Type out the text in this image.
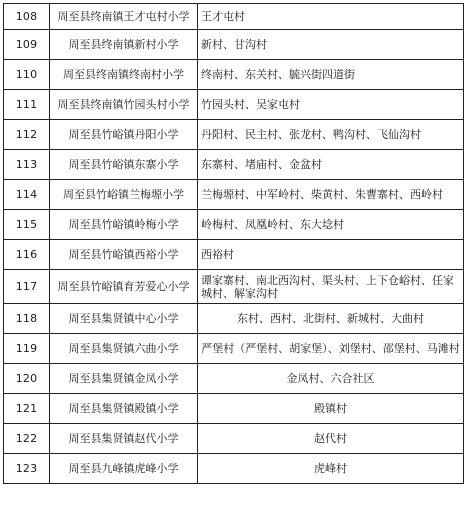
108	周至县终南镇王才屯村小学	王才屯村
109	周至县终南镇新村小学	新村、甘沟村
110	周至县终南镇终南村小学	终南村、东关村、毓兴街四道街
111	周至县终南镇竹园头村小学	竹园头村、吴家屯村
112	周至县竹峪镇丹阳小学	丹阳村、民主村、张龙村、鸭沟村、飞仙沟村
113	周至县竹峪镇东寨小学	东寨村、堵庙村、金盆村
114	周至县竹峪镇兰梅塬小学	兰梅塬村、中军岭村、柴黄村、朱曹寨村、西岭村
115	周至县竹峪镇岭梅小学	岭梅村、凤凰岭村、东大埝村
116	周至县竹峪镇西裕小学	西裕村
117	周至县竹峪镇育芳爱心小学	谭家寨村、南北西沟村、渠头村、上下仓峪村、任家城村、解家沟村
118	周至县集贤镇中心小学	东村、西村、北街村、新城村、大曲村
119	周至县集贤镇六曲小学	严堡村（严堡村、胡家堡）、刘堡村、邵堡村、马滩村
120	周至县集贤镇金凤小学	金凤村、六合社区
121	周至县集贤镇殿镇小学	殿镇村
122	周至县集贤镇赵代小学	赵代村
123	周至县九峰镇虎峰小学	虎峰村
